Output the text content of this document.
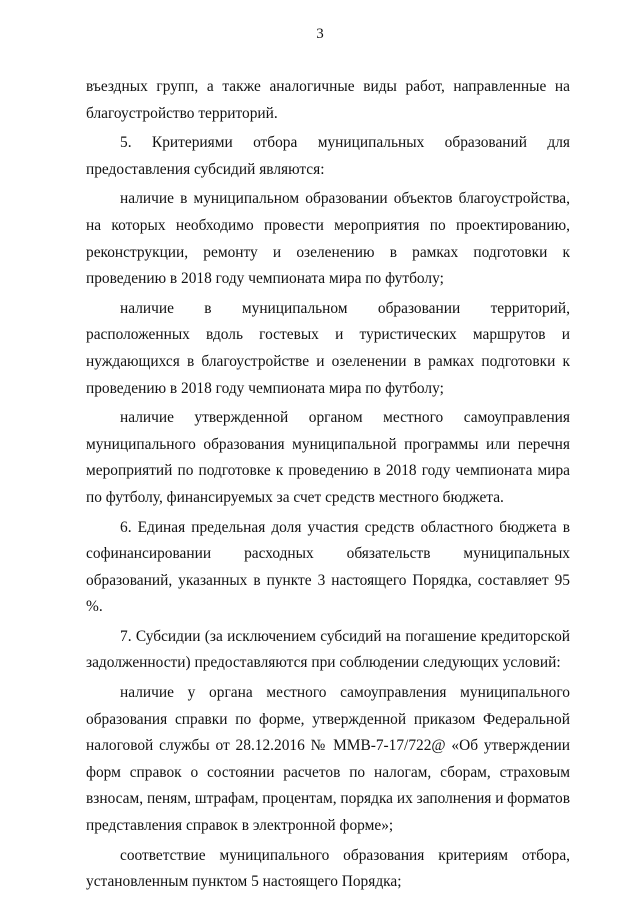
3

въездных групп, а также аналогичные виды работ, направленные на благоустройство территорий.

5. Критериями отбора муниципальных образований для предоставления субсидий являются:

наличие в муниципальном образовании объектов благоустройства, на которых необходимо провести мероприятия по проектированию, реконструкции, ремонту и озеленению в рамках подготовки к проведению в 2018 году чемпионата мира по футболу;

наличие в муниципальном образовании территорий, расположенных вдоль гостевых и туристических маршрутов и нуждающихся в благоустройстве и озеленении в рамках подготовки к проведению в 2018 году чемпионата мира по футболу;

наличие утвержденной органом местного самоуправления муниципального образования муниципальной программы или перечня мероприятий по подготовке к проведению в 2018 году чемпионата мира по футболу, финансируемых за счет средств местного бюджета.

6. Единая предельная доля участия средств областного бюджета в софинансировании расходных обязательств муниципальных образований, указанных в пункте 3 настоящего Порядка, составляет 95 %.

7. Субсидии (за исключением субсидий на погашение кредиторской задолженности) предоставляются при соблюдении следующих условий:

наличие у органа местного самоуправления муниципального образования справки по форме, утвержденной приказом Федеральной налоговой службы от 28.12.2016 № ММВ-7-17/722@ «Об утверждении форм справок о состоянии расчетов по налогам, сборам, страховым взносам, пеням, штрафам, процентам, порядка их заполнения и форматов представления справок в электронной форме»;

соответствие муниципального образования критериям отбора, установленным пунктом 5 настоящего Порядка;
